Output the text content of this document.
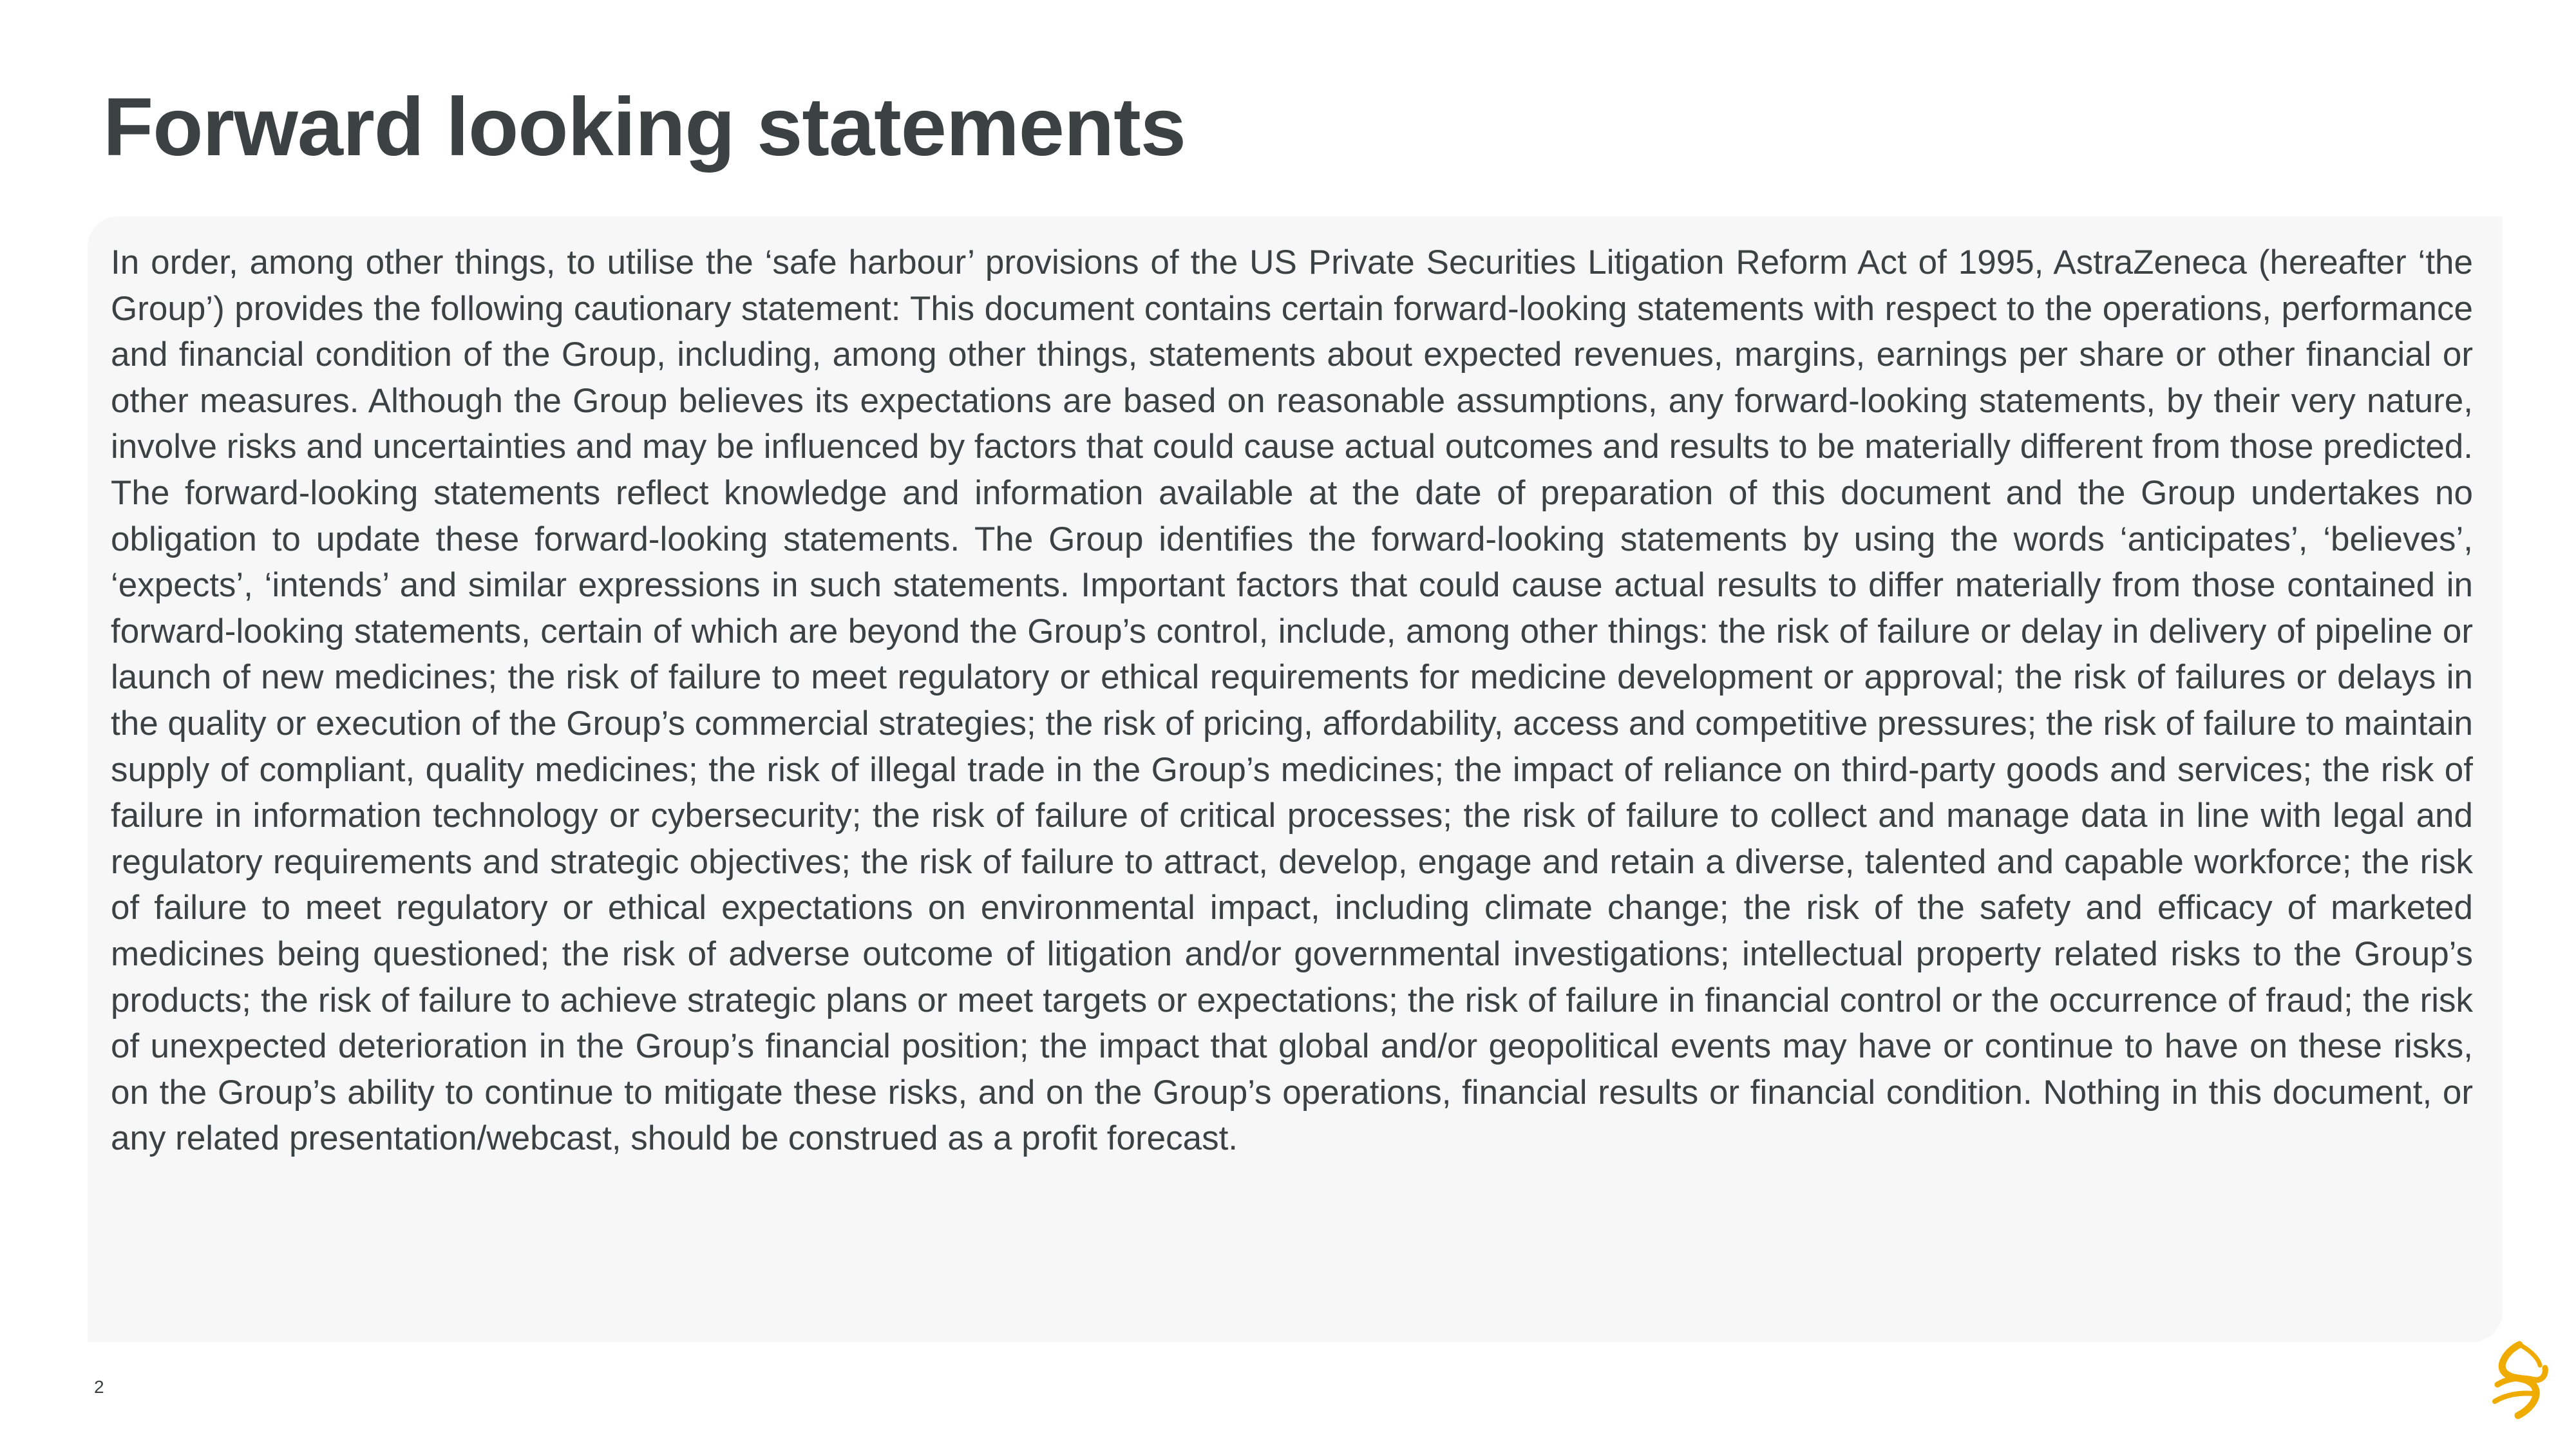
Forward looking statements

In order, among other things, to utilise the ‘safe harbour’ provisions of the US Private Securities Litigation Reform Act of 1995, AstraZeneca (hereafter ‘the Group’) provides the following cautionary statement: This document contains certain forward-looking statements with respect to the operations, performance and financial condition of the Group, including, among other things, statements about expected revenues, margins, earnings per share or other financial or other measures. Although the Group believes its expectations are based on reasonable assumptions, any forward-looking statements, by their very nature, involve risks and uncertainties and may be influenced by factors that could cause actual outcomes and results to be materially different from those predicted. The forward-looking statements reflect knowledge and information available at the date of preparation of this document and the Group undertakes no obligation to update these forward-looking statements. The Group identifies the forward-looking statements by using the words ‘anticipates’, ‘believes’, ‘expects’, ‘intends’ and similar expressions in such statements. Important factors that could cause actual results to differ materially from those contained in forward-looking statements, certain of which are beyond the Group’s control, include, among other things: the risk of failure or delay in delivery of pipeline or launch of new medicines; the risk of failure to meet regulatory or ethical requirements for medicine development or approval; the risk of failures or delays in the quality or execution of the Group’s commercial strategies; the risk of pricing, affordability, access and competitive pressures; the risk of failure to maintain supply of compliant, quality medicines; the risk of illegal trade in the Group’s medicines; the impact of reliance on third-party goods and services; the risk of failure in information technology or cybersecurity; the risk of failure of critical processes; the risk of failure to collect and manage data in line with legal and regulatory requirements and strategic objectives; the risk of failure to attract, develop, engage and retain a diverse, talented and capable workforce; the risk of failure to meet regulatory or ethical expectations on environmental impact, including climate change; the risk of the safety and efficacy of marketed medicines being questioned; the risk of adverse outcome of litigation and/or governmental investigations; intellectual property related risks to the Group’s products; the risk of failure to achieve strategic plans or meet targets or expectations; the risk of failure in financial control or the occurrence of fraud; the risk of unexpected deterioration in the Group’s financial position; the impact that global and/or geopolitical events may have or continue to have on these risks, on the Group’s ability to continue to mitigate these risks, and on the Group’s operations, financial results or financial condition. Nothing in this document, or any related presentation/webcast, should be construed as a profit forecast.

2
